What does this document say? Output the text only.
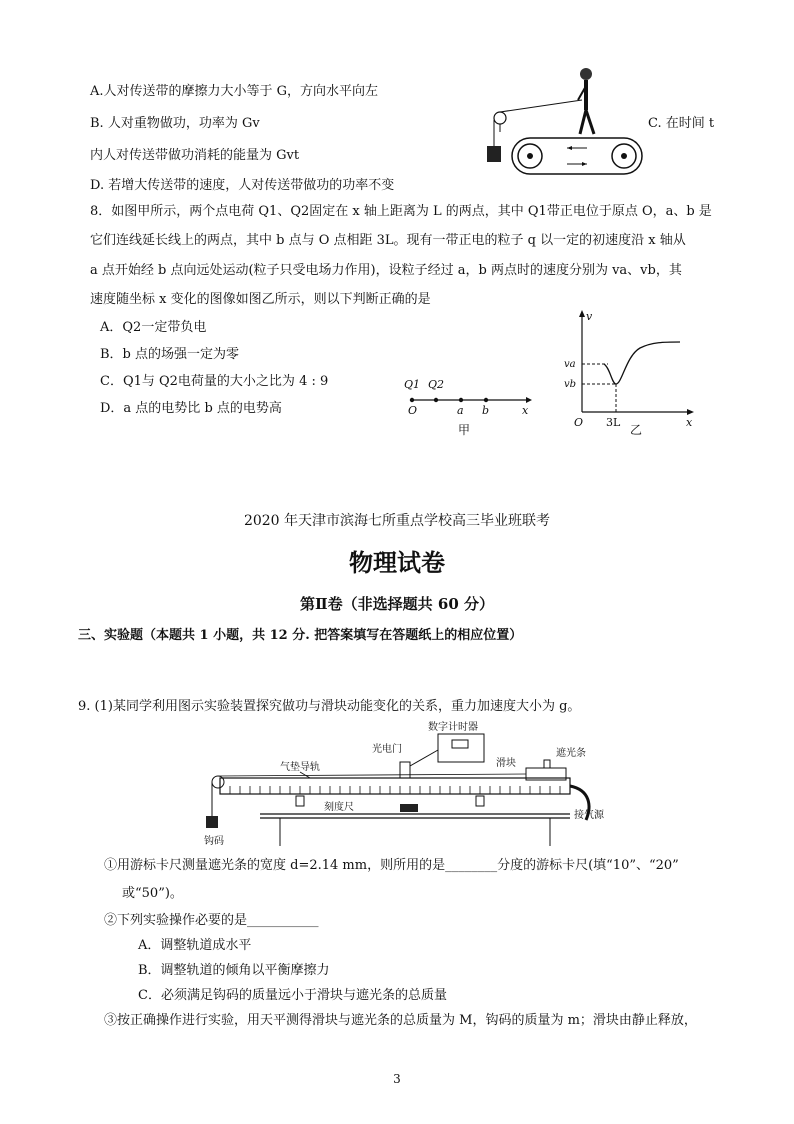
A.人对传送带的摩擦力大小等于 G，方向水平向左
B. 人对重物做功，功率为 Gv	C. 在时间 t
内人对传送带做功消耗的能量为 Gvt
D. 若增大传送带的速度，人对传送带做功的功率不变
8．如图甲所示，两个点电荷 Q1、Q2固定在 x 轴上距离为 L 的两点，其中 Q1带正电位于原点 O，a、b 是
它们连线延长线上的两点，其中 b 点与 O 点相距 3L。现有一带正电的粒子 q 以一定的初速度沿 x 轴从
a 点开始经 b 点向远处运动(粒子只受电场力作用)，设粒子经过 a，b 两点时的速度分别为 va、vb，其
速度随坐标 x 变化的图像如图乙所示，则以下判断正确的是
A．Q2一定带负电
B．b 点的场强一定为零
C．Q1与 Q2电荷量的大小之比为 4 : 9
D．a 点的电势比 b 点的电势高
Q1 Q2
O	a b	x
甲
v
va
vb
O 3L	x
乙
2020 年天津市滨海七所重点学校高三毕业班联考
物理试卷
第Ⅱ卷（非选择题共 60 分）
三、实验题（本题共 1 小题，共 12 分. 把答案填写在答题纸上的相应位置）
9. (1)某同学利用图示实验装置探究做功与滑块动能变化的关系，重力加速度大小为 g。
数字计时器
光电门
气垫导轨	滑块
遮光条
钩码
接气源
刻度尺
①用游标卡尺测量遮光条的宽度 d=2.14 mm，则所用的是________分度的游标卡尺(填“10”、“20”
或“50”)。
②下列实验操作必要的是___________
A．调整轨道成水平
B．调整轨道的倾角以平衡摩擦力
C．必须满足钩码的质量远小于滑块与遮光条的总质量
③按正确操作进行实验，用天平测得滑块与遮光条的总质量为 M，钩码的质量为 m；滑块由静止释放，
3
